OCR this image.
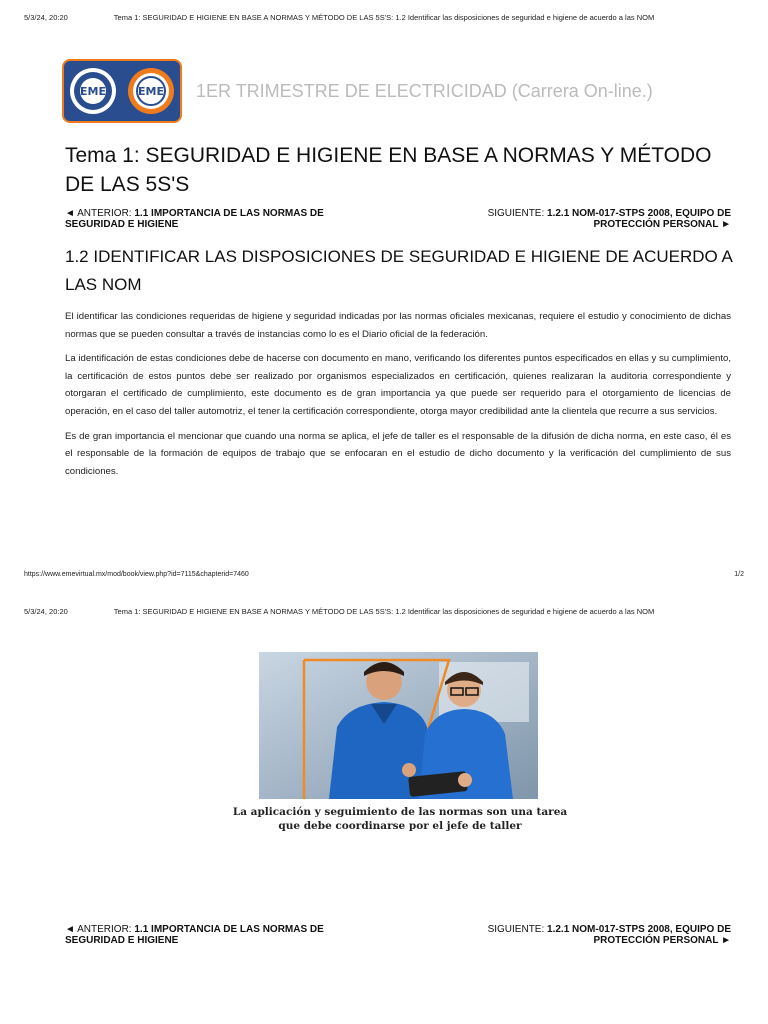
5/3/24, 20:20	Tema 1: SEGURIDAD E HIGIENE EN BASE A NORMAS Y MÉTODO DE LAS 5S'S: 1.2 Identificar las disposiciones de seguridad e higiene de acuerdo a las NOM
EME	EME 1ER TRIMESTRE DE ELECTRICIDAD (Carrera On-line.)
Tema 1: SEGURIDAD E HIGIENE EN BASE A NORMAS Y MÉTODO DE LAS 5S'S
◄ ANTERIOR: 1.1 IMPORTANCIA DE LAS NORMAS DE SEGURIDAD E HIGIENE
SIGUIENTE: 1.2.1 NOM-017-STPS 2008, EQUIPO DE PROTECCIÓN PERSONAL ►
1.2 IDENTIFICAR LAS DISPOSICIONES DE SEGURIDAD E HIGIENE DE ACUERDO A LAS NOM

El identificar las condiciones requeridas de higiene y seguridad indicadas por las normas oficiales mexicanas, requiere el estudio y conocimiento de dichas normas que se pueden consultar a través de instancias como lo es el Diario oficial de la federación.

La identificación de estas condiciones debe de hacerse con documento en mano, verificando los diferentes puntos especificados en ellas y su cumplimiento, la certificación de estos puntos debe ser realizado por organismos especializados en certificación, quienes realizaran la auditoria correspondiente y otorgaran el certificado de cumplimiento, este documento es de gran importancia ya que puede ser requerido para el otorgamiento de licencias de operación, en el caso del taller automotriz, el tener la certificación correspondiente, otorga mayor credibilidad ante la clientela que recurre a sus servicios.

Es de gran importancia el mencionar que cuando una norma se aplica, el jefe de taller es el responsable de la difusión de dicha norma, en este caso, él es el responsable de la formación de equipos de trabajo que se enfocaran en el estudio de dicho documento y la verificación del cumplimiento de sus condiciones.

https://www.emevirtual.mx/mod/book/view.php?id=7115&chapterid=7460	1/2
5/3/24, 20:20	Tema 1: SEGURIDAD E HIGIENE EN BASE A NORMAS Y MÉTODO DE LAS 5S'S: 1.2 Identificar las disposiciones de seguridad e higiene de acuerdo a las NOM
La aplicación y seguimiento de las normas son una tarea
que debe coordinarse por el jefe de taller
◄ ANTERIOR: 1.1 IMPORTANCIA DE LAS NORMAS DE SEGURIDAD E HIGIENE
SIGUIENTE: 1.2.1 NOM-017-STPS 2008, EQUIPO DE PROTECCIÓN PERSONAL ►
